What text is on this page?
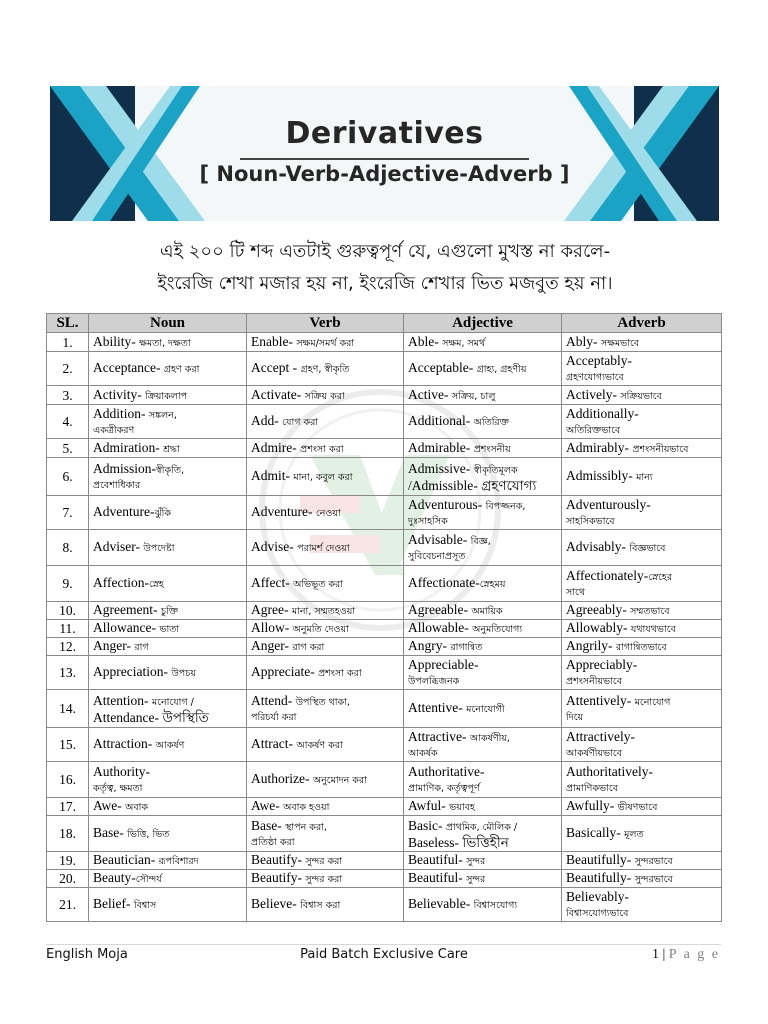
Derivatives
[ Noun-Verb-Adjective-Adverb ]
এই ২০০ টি শব্দ এতটাই গুরুত্বপূর্ণ যে, এগুলো মুখস্ত না করলে-
ইংরেজি শেখা মজার হয় না, ইংরেজি শেখার ভিত মজবুত হয় না।
SL.	Noun	Verb	Adjective	Adverb
1.	Ability- ক্ষমতা, দক্ষতা	Enable- সক্ষম/সমর্থ করা	Able- সক্ষম, সমর্থ	Ably- সক্ষমভাবে
2.	Acceptance- গ্রহণ করা	Accept - গ্রহণ, স্বীকৃতি	Acceptable- গ্রাহ্য, গ্রহণীয়	Acceptably-
গ্রহণযোগ্যভাবে

3.	Activity- ক্রিয়াকলাপ	Activate- সক্রিয় করা	Active- সক্রিয়, চালু	Actively- সক্রিয়ভাবে
4.	Addition- সঙ্কলন,
একত্রীকরণ	Add- যোগ করা	Additional- অতিরিক্ত	Additionally-
অতিরিক্তভাবে

5.	Admiration- শ্রদ্ধা	Admire- প্রশংসা করা	Admirable- প্রশংসনীয়	Admirably- প্রশংসনীয়ভাবে
6.	Admission-স্বীকৃতি,
প্রবেশাধিকার	Admit- মানা, কবুল করা	Admissive- স্বীকৃতিমূলক
/Admissible- গ্রহণযোগ্য	Admissibly- মান্য
7.	Adventure-ঝুঁকি	Adventure- নেওয়া	Adventurous- বিপজ্জনক,
দুঃসাহসিক	Adventurously-
সাহসিকভাবে

8.	Adviser- উপদেষ্টা	Advise- পরামর্শ দেওয়া	Advisable- বিজ্ঞ,
সুবিবেচনাপ্রসূত	Advisably- বিজ্ঞভাবে
9.	Affection-স্নেহ	Affect- অভিভূত করা	Affectionate-স্নেহময়	Affectionately-স্নেহের
সাথে

10.	Agreement- চুক্তি	Agree- মানা, সম্মতহওয়া	Agreeable- অমায়িক	Agreeably- সম্মতভাবে
11.	Allowance- ভাতা	Allow- অনুমতি দেওয়া	Allowable- অনুমতিযোগ্য	Allowably- যথাযথভাবে
12.	Anger- রাগ	Anger- রাগ করা	Angry- রাগান্বিত	Angrily- রাগান্বিতভাবে
13.	Appreciation- উপচয়	Appreciate- প্রশংসা করা	Appreciable-
উপলব্ধিজনক	Appreciably-
প্রশংসনীয়ভাবে

14.	Attention- মনোযোগ /
Attendance- উপস্থিতি	Attend- উপস্থিত থাকা,
পরিচর্যা করা	Attentive- মনোযোগী	Attentively- মনোযোগ
দিয়ে

15.	Attraction- আকর্ষণ	Attract- আকর্ষণ করা	Attractive- আকর্ষণীয়,
আকর্ষক	Attractively-
আকর্ষণীয়ভাবে

16.	Authority-
কর্তৃত্ব, ক্ষমতা	Authorize- অনুমোদন করা	Authoritative-
প্রামাণিক, কর্তৃত্বপূর্ণ	Authoritatively-
প্রামাণিকভাবে

17.	Awe- অবাক	Awe- অবাক হওয়া	Awful- ভয়াবহ	Awfully- ভীষণভাবে
18.	Base- ভিত্তি, ভিত	Base- স্থাপন করা,
প্রতিষ্ঠা করা	Basic- প্রাথমিক, মৌলিক /
Baseless- ভিত্তিহীন	Basically- মূলত
19.	Beautician- রূপবিশারদ	Beautify- সুন্দর করা	Beautiful- সুন্দর	Beautifully- সুন্দরভাবে
20.	Beauty-সৌন্দর্য	Beautify- সুন্দর করা	Beautiful- সুন্দর	Beautifully- সুন্দরভাবে
21.	Belief- বিশ্বাস	Believe- বিশ্বাস করা	Believable- বিশ্বাসযোগ্য	Believably-
বিশ্বাসযোগ্যভাবে
English Moja	Paid Batch Exclusive Care	1 | P a g e
